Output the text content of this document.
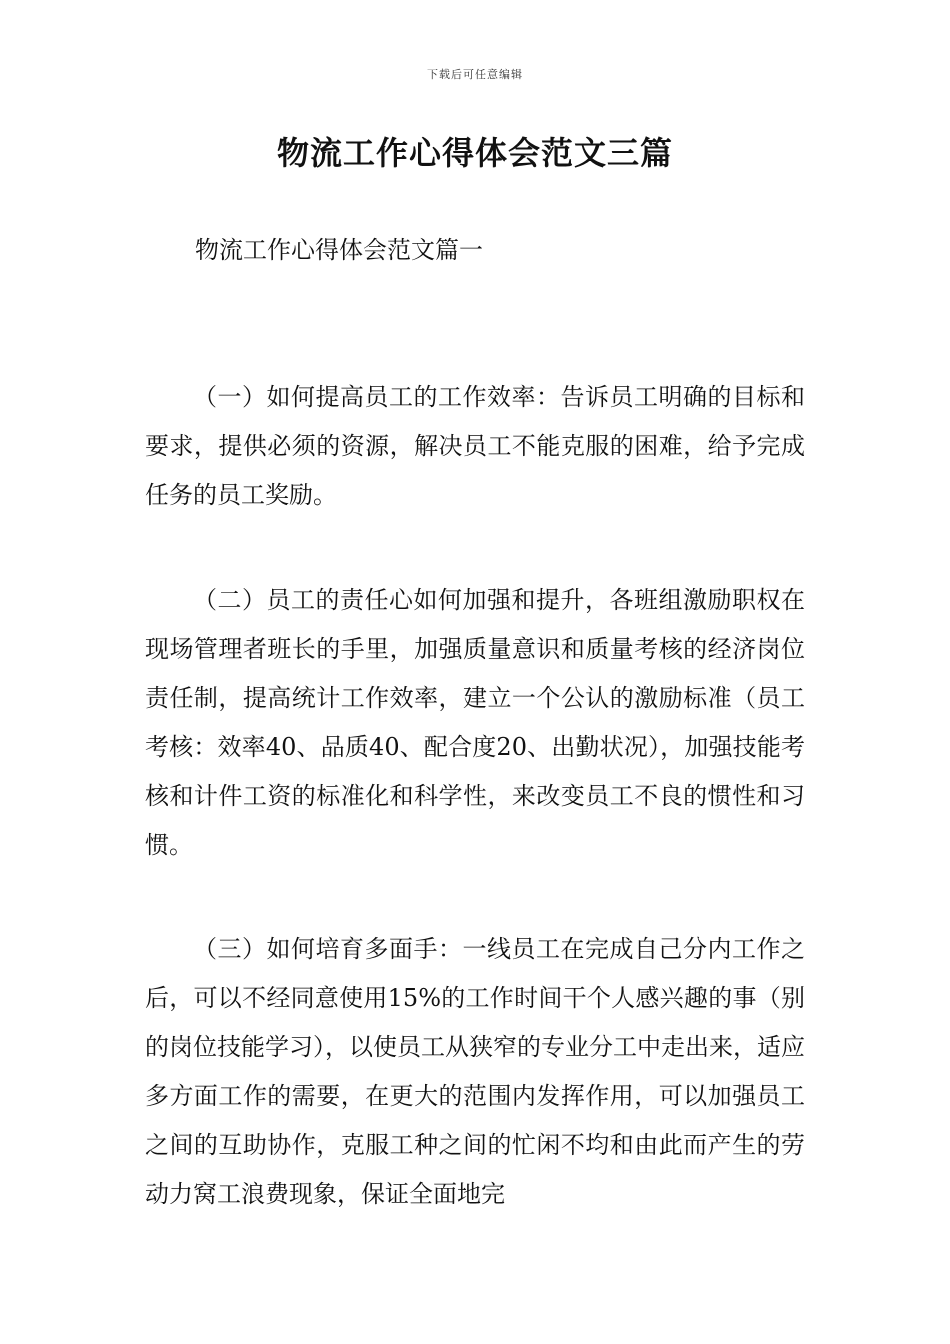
下载后可任意编辑
物流工作心得体会范文三篇
物流工作心得体会范文篇一

（一）如何提高员工的工作效率：告诉员工明确的目标和要求，提供必须的资源，解决员工不能克服的困难，给予完成任务的员工奖励。

（二）员工的责任心如何加强和提升，各班组激励职权在现场管理者班长的手里，加强质量意识和质量考核的经济岗位责任制，提高统计工作效率，建立一个公认的激励标准（员工考核：效率40、品质40、配合度20、出勤状况），加强技能考核和计件工资的标准化和科学性，来改变员工不良的惯性和习惯。

（三）如何培育多面手：一线员工在完成自己分内工作之后，可以不经同意使用15%的工作时间干个人感兴趣的事（别的岗位技能学习），以使员工从狭窄的专业分工中走出来，适应多方面工作的需要，在更大的范围内发挥作用，可以加强员工之间的互助协作，克服工种之间的忙闲不均和由此而产生的劳动力窝工浪费现象，保证全面地完
